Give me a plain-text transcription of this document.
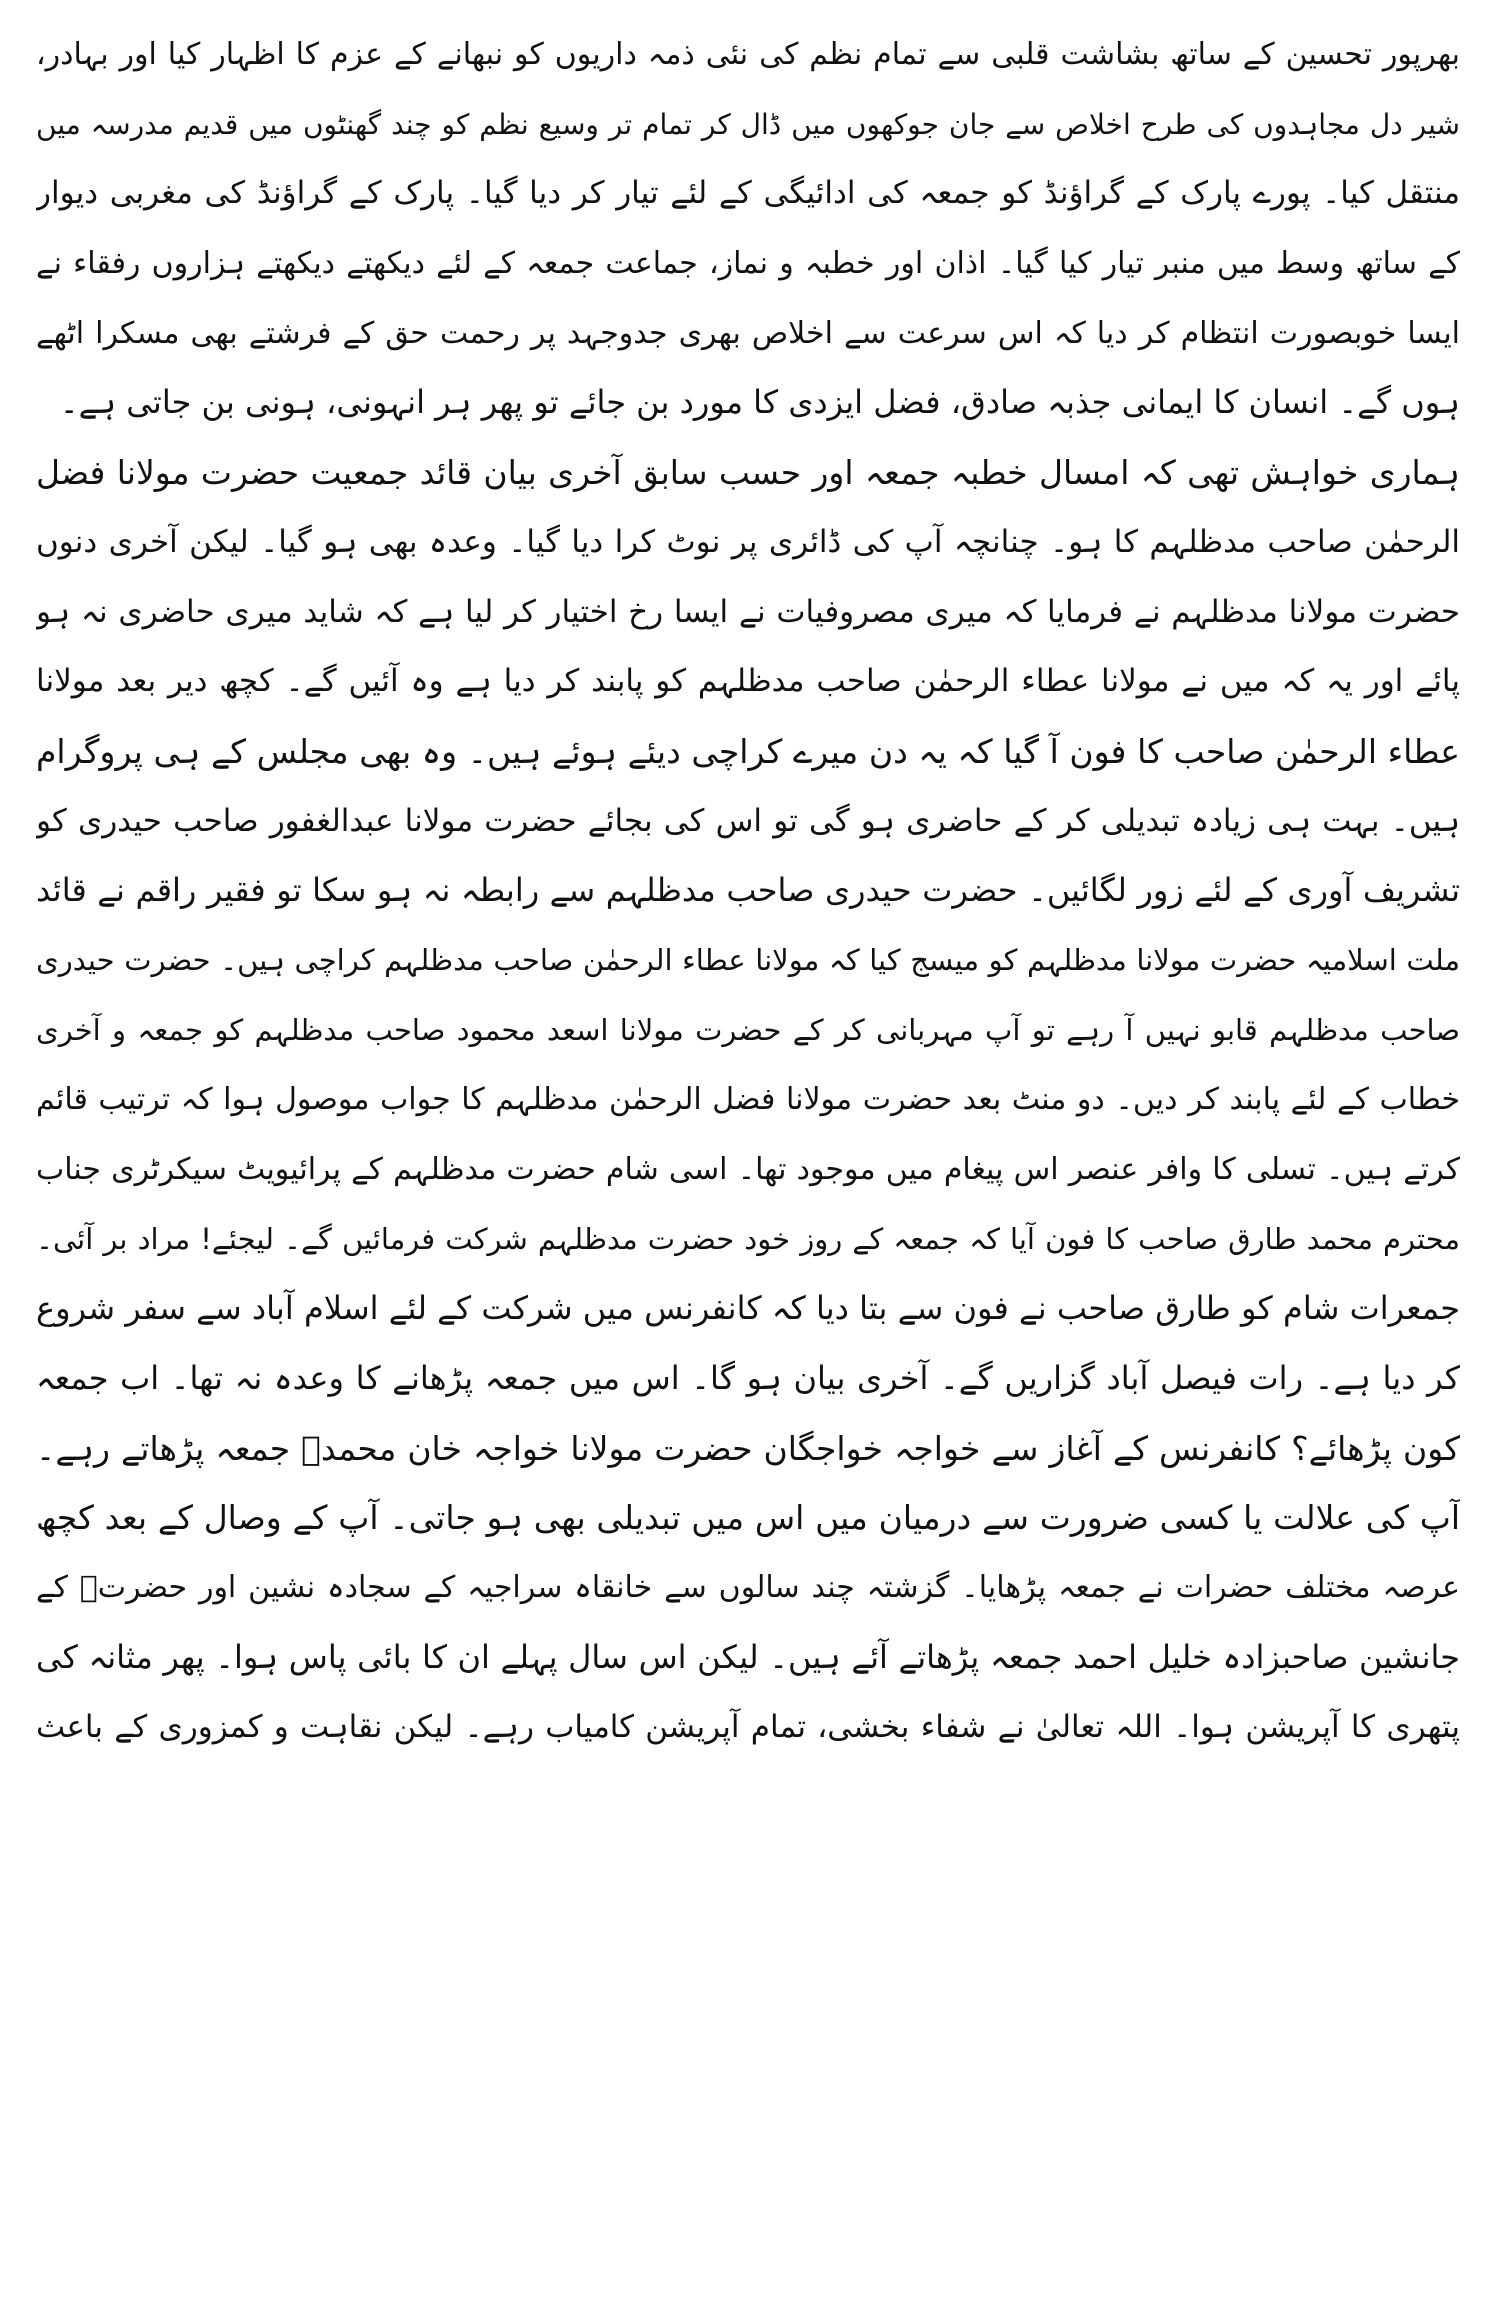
بھرپور تحسین کے ساتھ بشاشت قلبی سے تمام نظم کی نئی ذمہ داریوں کو نبھانے کے عزم کا اظہار کیا اور بہادر،
شیر دل مجاہدوں کی طرح اخلاص سے جان جوکھوں میں ڈال کر تمام تر وسیع نظم کو چند گھنٹوں میں قدیم مدرسہ میں
منتقل کیا۔ پورے پارک کے گراؤنڈ کو جمعہ کی ادائیگی کے لئے تیار کر دیا گیا۔ پارک کے گراؤنڈ کی مغربی دیوار
کے ساتھ وسط میں منبر تیار کیا گیا۔ اذان اور خطبہ و نماز، جماعت جمعہ کے لئے دیکھتے دیکھتے ہزاروں رفقاء نے
ایسا خوبصورت انتظام کر دیا کہ اس سرعت سے اخلاص بھری جدوجہد پر رحمت حق کے فرشتے بھی مسکرا اٹھے
ہوں گے۔ انسان کا ایمانی جذبہ صادق، فضل ایزدی کا مورد بن جائے تو پھر ہر انہونی، ہونی بن جاتی ہے۔
ہماری خواہش تھی کہ امسال خطبہ جمعہ اور حسب سابق آخری بیان قائد جمعیت حضرت مولانا فضل
الرحمٰن صاحب مدظلہم کا ہو۔ چنانچہ آپ کی ڈائری پر نوٹ کرا دیا گیا۔ وعدہ بھی ہو گیا۔ لیکن آخری دنوں
حضرت مولانا مدظلہم نے فرمایا کہ میری مصروفیات نے ایسا رخ اختیار کر لیا ہے کہ شاید میری حاضری نہ ہو
پائے اور یہ کہ میں نے مولانا عطاء الرحمٰن صاحب مدظلہم کو پابند کر دیا ہے وہ آئیں گے۔ کچھ دیر بعد مولانا
عطاء الرحمٰن صاحب کا فون آ گیا کہ یہ دن میرے کراچی دیئے ہوئے ہیں۔ وہ بھی مجلس کے ہی پروگرام
ہیں۔ بہت ہی زیادہ تبدیلی کر کے حاضری ہو گی تو اس کی بجائے حضرت مولانا عبدالغفور صاحب حیدری کو
تشریف آوری کے لئے زور لگائیں۔ حضرت حیدری صاحب مدظلہم سے رابطہ نہ ہو سکا تو فقیر راقم نے قائد
ملت اسلامیہ حضرت مولانا مدظلہم کو میسج کیا کہ مولانا عطاء الرحمٰن صاحب مدظلہم کراچی ہیں۔ حضرت حیدری
صاحب مدظلہم قابو نہیں آ رہے تو آپ مہربانی کر کے حضرت مولانا اسعد محمود صاحب مدظلہم کو جمعہ و آخری
خطاب کے لئے پابند کر دیں۔ دو منٹ بعد حضرت مولانا فضل الرحمٰن مدظلہم کا جواب موصول ہوا کہ ترتیب قائم
کرتے ہیں۔ تسلی کا وافر عنصر اس پیغام میں موجود تھا۔ اسی شام حضرت مدظلہم کے پرائیویٹ سیکرٹری جناب
محترم محمد طارق صاحب کا فون آیا کہ جمعہ کے روز خود حضرت مدظلہم شرکت فرمائیں گے۔ لیجئے! مراد بر آئی۔
جمعرات شام کو طارق صاحب نے فون سے بتا دیا کہ کانفرنس میں شرکت کے لئے اسلام آباد سے سفر شروع
کر دیا ہے۔ رات فیصل آباد گزاریں گے۔ آخری بیان ہو گا۔ اس میں جمعہ پڑھانے کا وعدہ نہ تھا۔ اب جمعہ
کون پڑھائے؟ کانفرنس کے آغاز سے خواجہ خواجگان حضرت مولانا خواجہ خان محمدؒ جمعہ پڑھاتے رہے۔
آپ کی علالت یا کسی ضرورت سے درمیان میں اس میں تبدیلی بھی ہو جاتی۔ آپ کے وصال کے بعد کچھ
عرصہ مختلف حضرات نے جمعہ پڑھایا۔ گزشتہ چند سالوں سے خانقاہ سراجیہ کے سجادہ نشین اور حضرتؒ کے
جانشین صاحبزادہ خلیل احمد جمعہ پڑھاتے آئے ہیں۔ لیکن اس سال پہلے ان کا بائی پاس ہوا۔ پھر مثانہ کی
پتھری کا آپریشن ہوا۔ اللہ تعالیٰ نے شفاء بخشی، تمام آپریشن کامیاب رہے۔ لیکن نقاہت و کمزوری کے باعث
